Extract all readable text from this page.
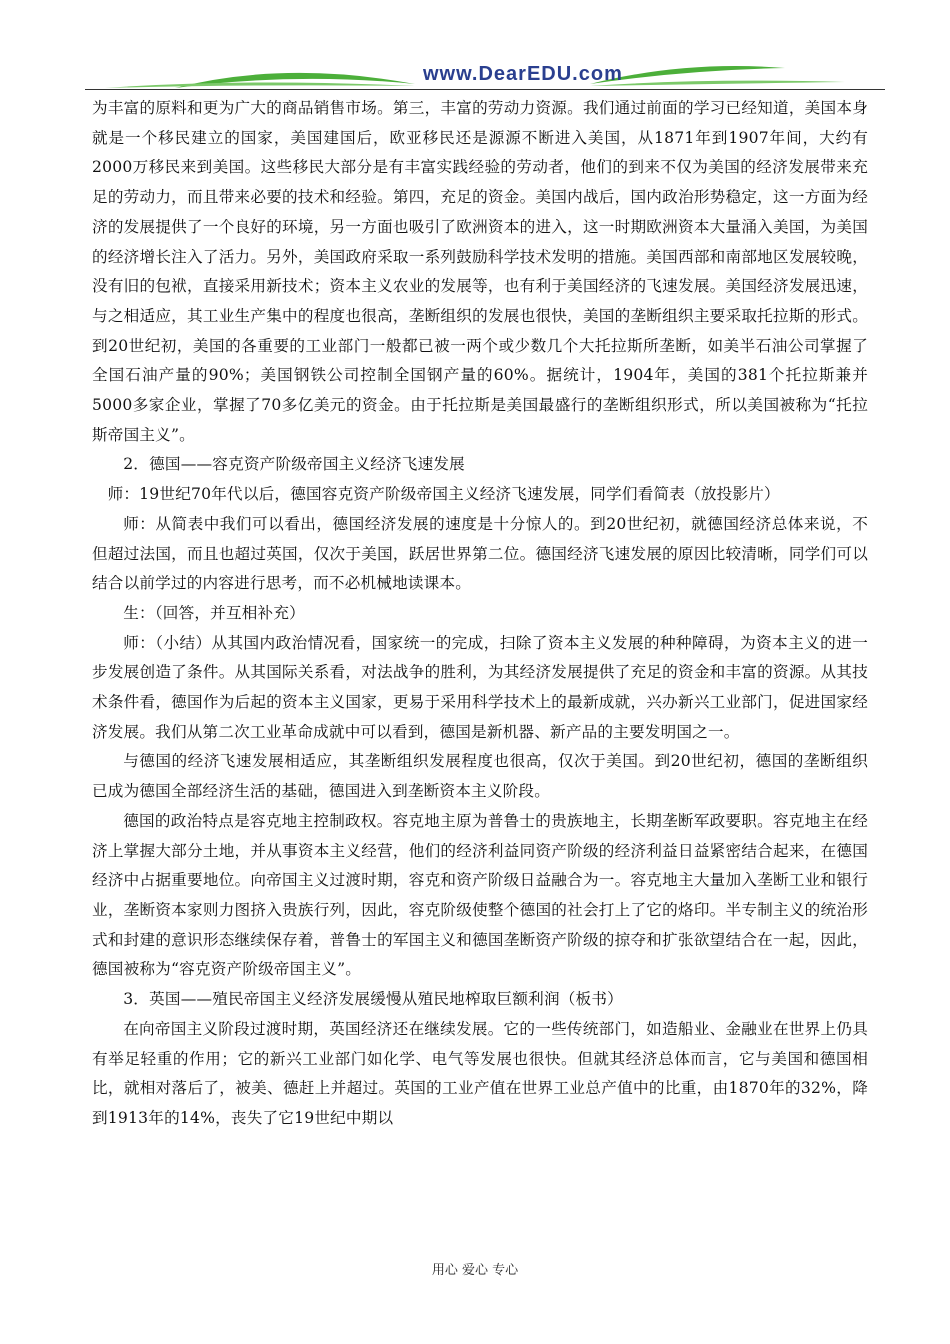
www.DearEDU.com

为丰富的原料和更为广大的商品销售市场。第三，丰富的劳动力资源。我们通过前面的学习已经知道，美国本身就是一个移民建立的国家，美国建国后，欧亚移民还是源源不断进入美国，从1871年到1907年间，大约有2000万移民来到美国。这些移民大部分是有丰富实践经验的劳动者，他们的到来不仅为美国的经济发展带来充足的劳动力，而且带来必要的技术和经验。第四，充足的资金。美国内战后，国内政治形势稳定，这一方面为经济的发展提供了一个良好的环境，另一方面也吸引了欧洲资本的进入，这一时期欧洲资本大量涌入美国，为美国的经济增长注入了活力。另外，美国政府采取一系列鼓励科学技术发明的措施。美国西部和南部地区发展较晚，没有旧的包袱，直接采用新技术；资本主义农业的发展等，也有利于美国经济的飞速发展。美国经济发展迅速，与之相适应，其工业生产集中的程度也很高，垄断组织的发展也很快，美国的垄断组织主要采取托拉斯的形式。到20世纪初，美国的各重要的工业部门一般都已被一两个或少数几个大托拉斯所垄断，如美半石油公司掌握了全国石油产量的90%；美国钢铁公司控制全国钢产量的60%。据统计，1904年，美国的381个托拉斯兼并5000多家企业，掌握了70多亿美元的资金。由于托拉斯是美国最盛行的垄断组织形式，所以美国被称为“托拉斯帝国主义”。

2．德国——容克资产阶级帝国主义经济飞速发展

师：19世纪70年代以后，德国容克资产阶级帝国主义经济飞速发展，同学们看简表（放投影片）

师：从简表中我们可以看出，德国经济发展的速度是十分惊人的。到20世纪初，就德国经济总体来说，不但超过法国，而且也超过英国，仅次于美国，跃居世界第二位。德国经济飞速发展的原因比较清晰，同学们可以结合以前学过的内容进行思考，而不必机械地读课本。

生：（回答，并互相补充）

师：（小结）从其国内政治情况看，国家统一的完成，扫除了资本主义发展的种种障碍，为资本主义的进一步发展创造了条件。从其国际关系看，对法战争的胜利，为其经济发展提供了充足的资金和丰富的资源。从其技术条件看，德国作为后起的资本主义国家，更易于采用科学技术上的最新成就，兴办新兴工业部门，促进国家经济发展。我们从第二次工业革命成就中可以看到，德国是新机器、新产品的主要发明国之一。

与德国的经济飞速发展相适应，其垄断组织发展程度也很高，仅次于美国。到20世纪初，德国的垄断组织已成为德国全部经济生活的基础，德国进入到垄断资本主义阶段。

德国的政治特点是容克地主控制政权。容克地主原为普鲁士的贵族地主，长期垄断军政要职。容克地主在经济上掌握大部分土地，并从事资本主义经营，他们的经济利益同资产阶级的经济利益日益紧密结合起来，在德国经济中占据重要地位。向帝国主义过渡时期，容克和资产阶级日益融合为一。容克地主大量加入垄断工业和银行业，垄断资本家则力图挤入贵族行列，因此，容克阶级使整个德国的社会打上了它的烙印。半专制主义的统治形式和封建的意识形态继续保存着，普鲁士的军国主义和德国垄断资产阶级的掠夺和扩张欲望结合在一起，因此，德国被称为“容克资产阶级帝国主义”。

3．英国——殖民帝国主义经济发展缓慢从殖民地榨取巨额利润（板书）

在向帝国主义阶段过渡时期，英国经济还在继续发展。它的一些传统部门，如造船业、金融业在世界上仍具有举足轻重的作用；它的新兴工业部门如化学、电气等发展也很快。但就其经济总体而言，它与美国和德国相比，就相对落后了，被美、德赶上并超过。英国的工业产值在世界工业总产值中的比重，由1870年的32%，降到1913年的14%，丧失了它19世纪中期以

用心 爱心 专心
